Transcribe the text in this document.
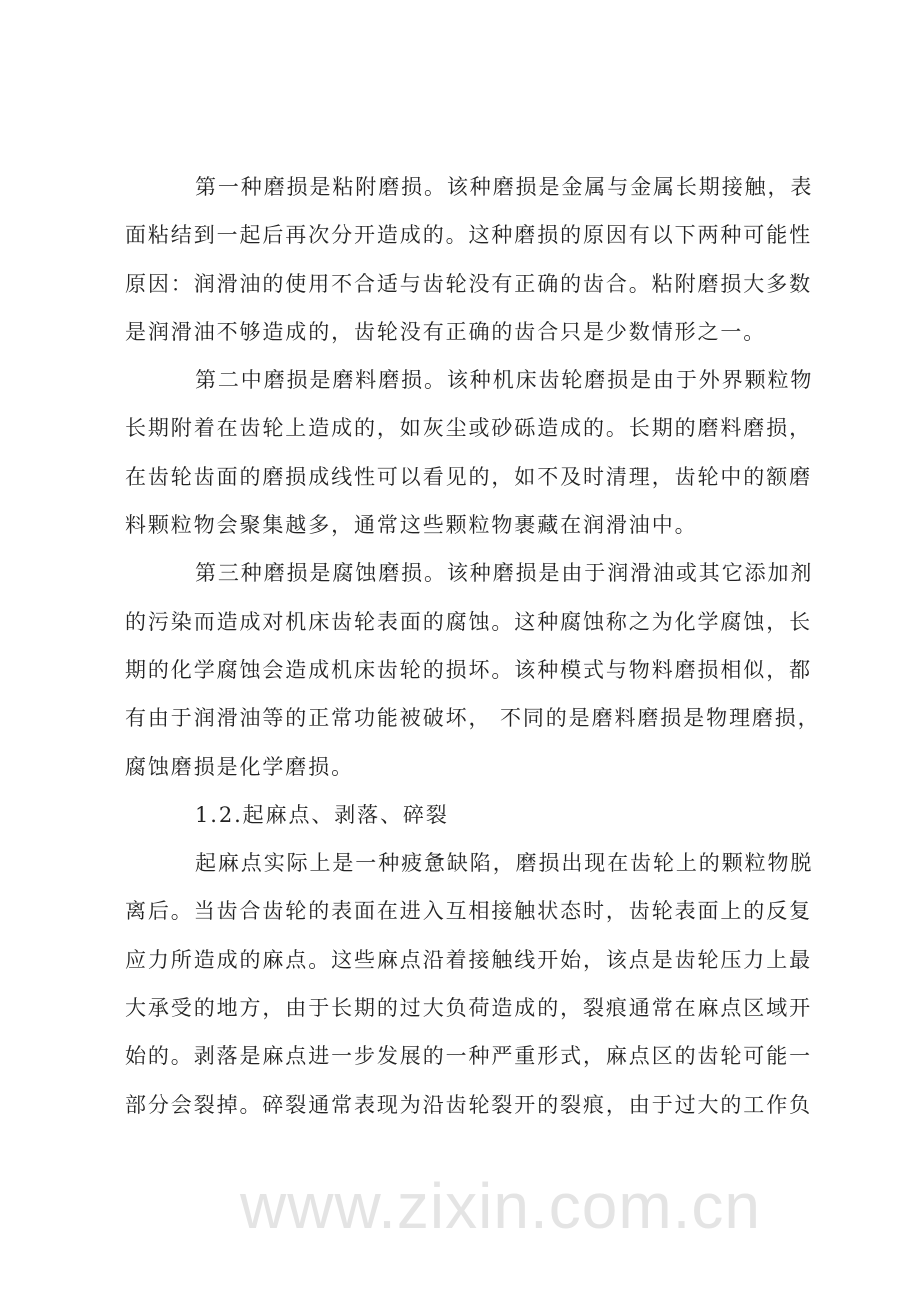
www.zixin.com.cn
第一种磨损是粘附磨损。该种磨损是金属与金属长期接触，表
面粘结到一起后再次分开造成的。这种磨损的原因有以下两种可能性
原因：润滑油的使用不合适与齿轮没有正确的齿合。粘附磨损大多数
是润滑油不够造成的，齿轮没有正确的齿合只是少数情形之一。
第二中磨损是磨料磨损。该种机床齿轮磨损是由于外界颗粒物
长期附着在齿轮上造成的，如灰尘或砂砾造成的。长期的磨料磨损，
在齿轮齿面的磨损成线性可以看见的，如不及时清理，齿轮中的额磨
料颗粒物会聚集越多，通常这些颗粒物裹藏在润滑油中。
第三种磨损是腐蚀磨损。该种磨损是由于润滑油或其它添加剂
的污染而造成对机床齿轮表面的腐蚀。这种腐蚀称之为化学腐蚀，长
期的化学腐蚀会造成机床齿轮的损坏。该种模式与物料磨损相似，都
有由于润滑油等的正常功能被破坏， 不同的是磨料磨损是物理磨损，
腐蚀磨损是化学磨损。
1.2.起麻点、剥落、碎裂
起麻点实际上是一种疲惫缺陷，磨损出现在齿轮上的颗粒物脱
离后。当齿合齿轮的表面在进入互相接触状态时，齿轮表面上的反复
应力所造成的麻点。这些麻点沿着接触线开始，该点是齿轮压力上最
大承受的地方，由于长期的过大负荷造成的，裂痕通常在麻点区域开
始的。剥落是麻点进一步发展的一种严重形式，麻点区的齿轮可能一
部分会裂掉。碎裂通常表现为沿齿轮裂开的裂痕，由于过大的工作负
